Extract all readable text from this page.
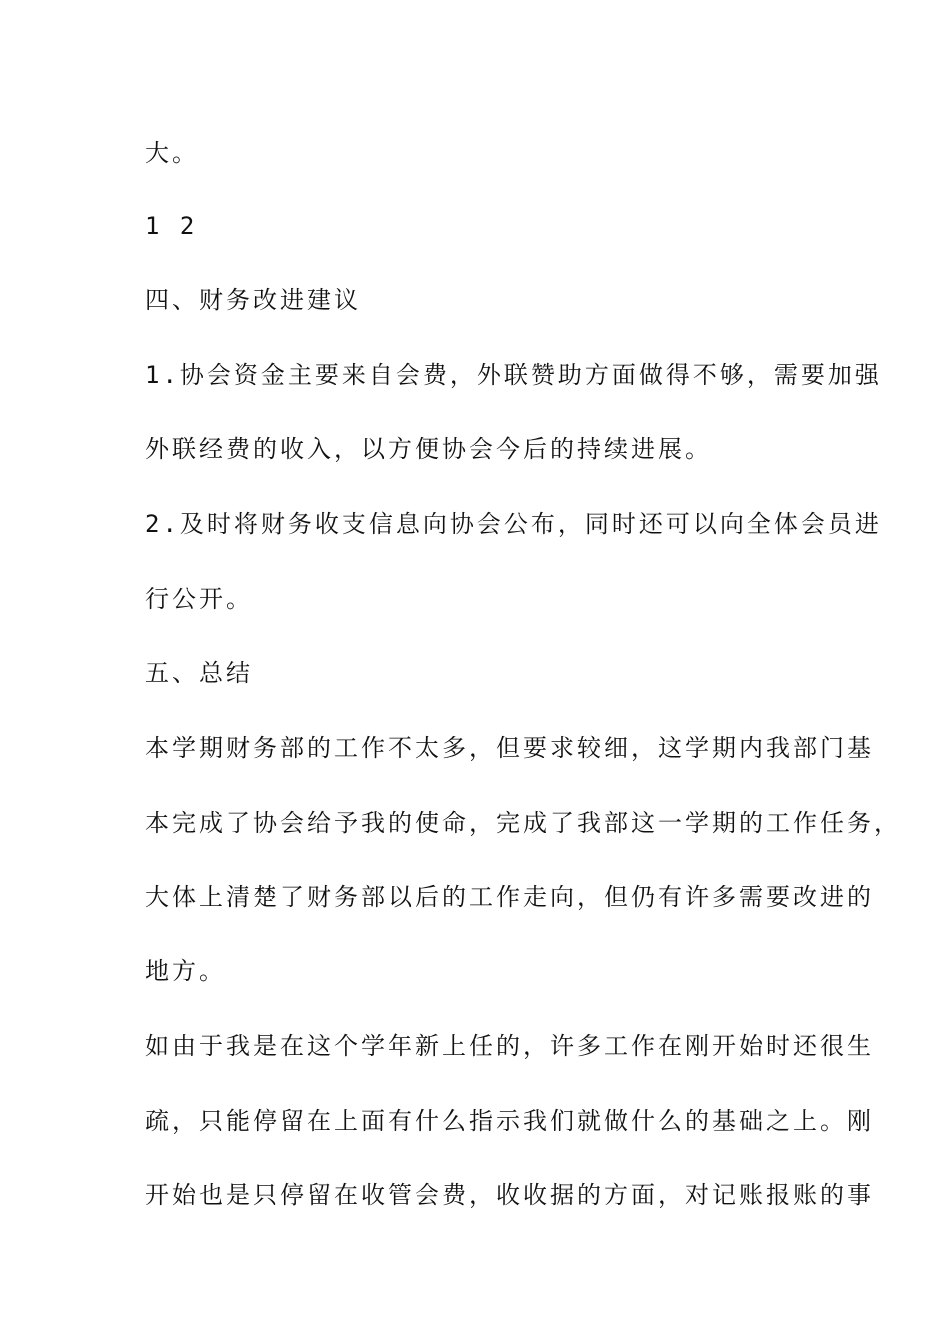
大。
1 2
四、财务改进建议
1.协会资金主要来自会费，外联赞助方面做得不够，需要加强
外联经费的收入，以方便协会今后的持续进展。
2.及时将财务收支信息向协会公布，同时还可以向全体会员进
行公开。
五、总结
本学期财务部的工作不太多，但要求较细，这学期内我部门基
本完成了协会给予我的使命，完成了我部这一学期的工作任务，
大体上清楚了财务部以后的工作走向，但仍有许多需要改进的
地方。
如由于我是在这个学年新上任的，许多工作在刚开始时还很生
疏，只能停留在上面有什么指示我们就做什么的基础之上。刚
开始也是只停留在收管会费，收收据的方面，对记账报账的事
